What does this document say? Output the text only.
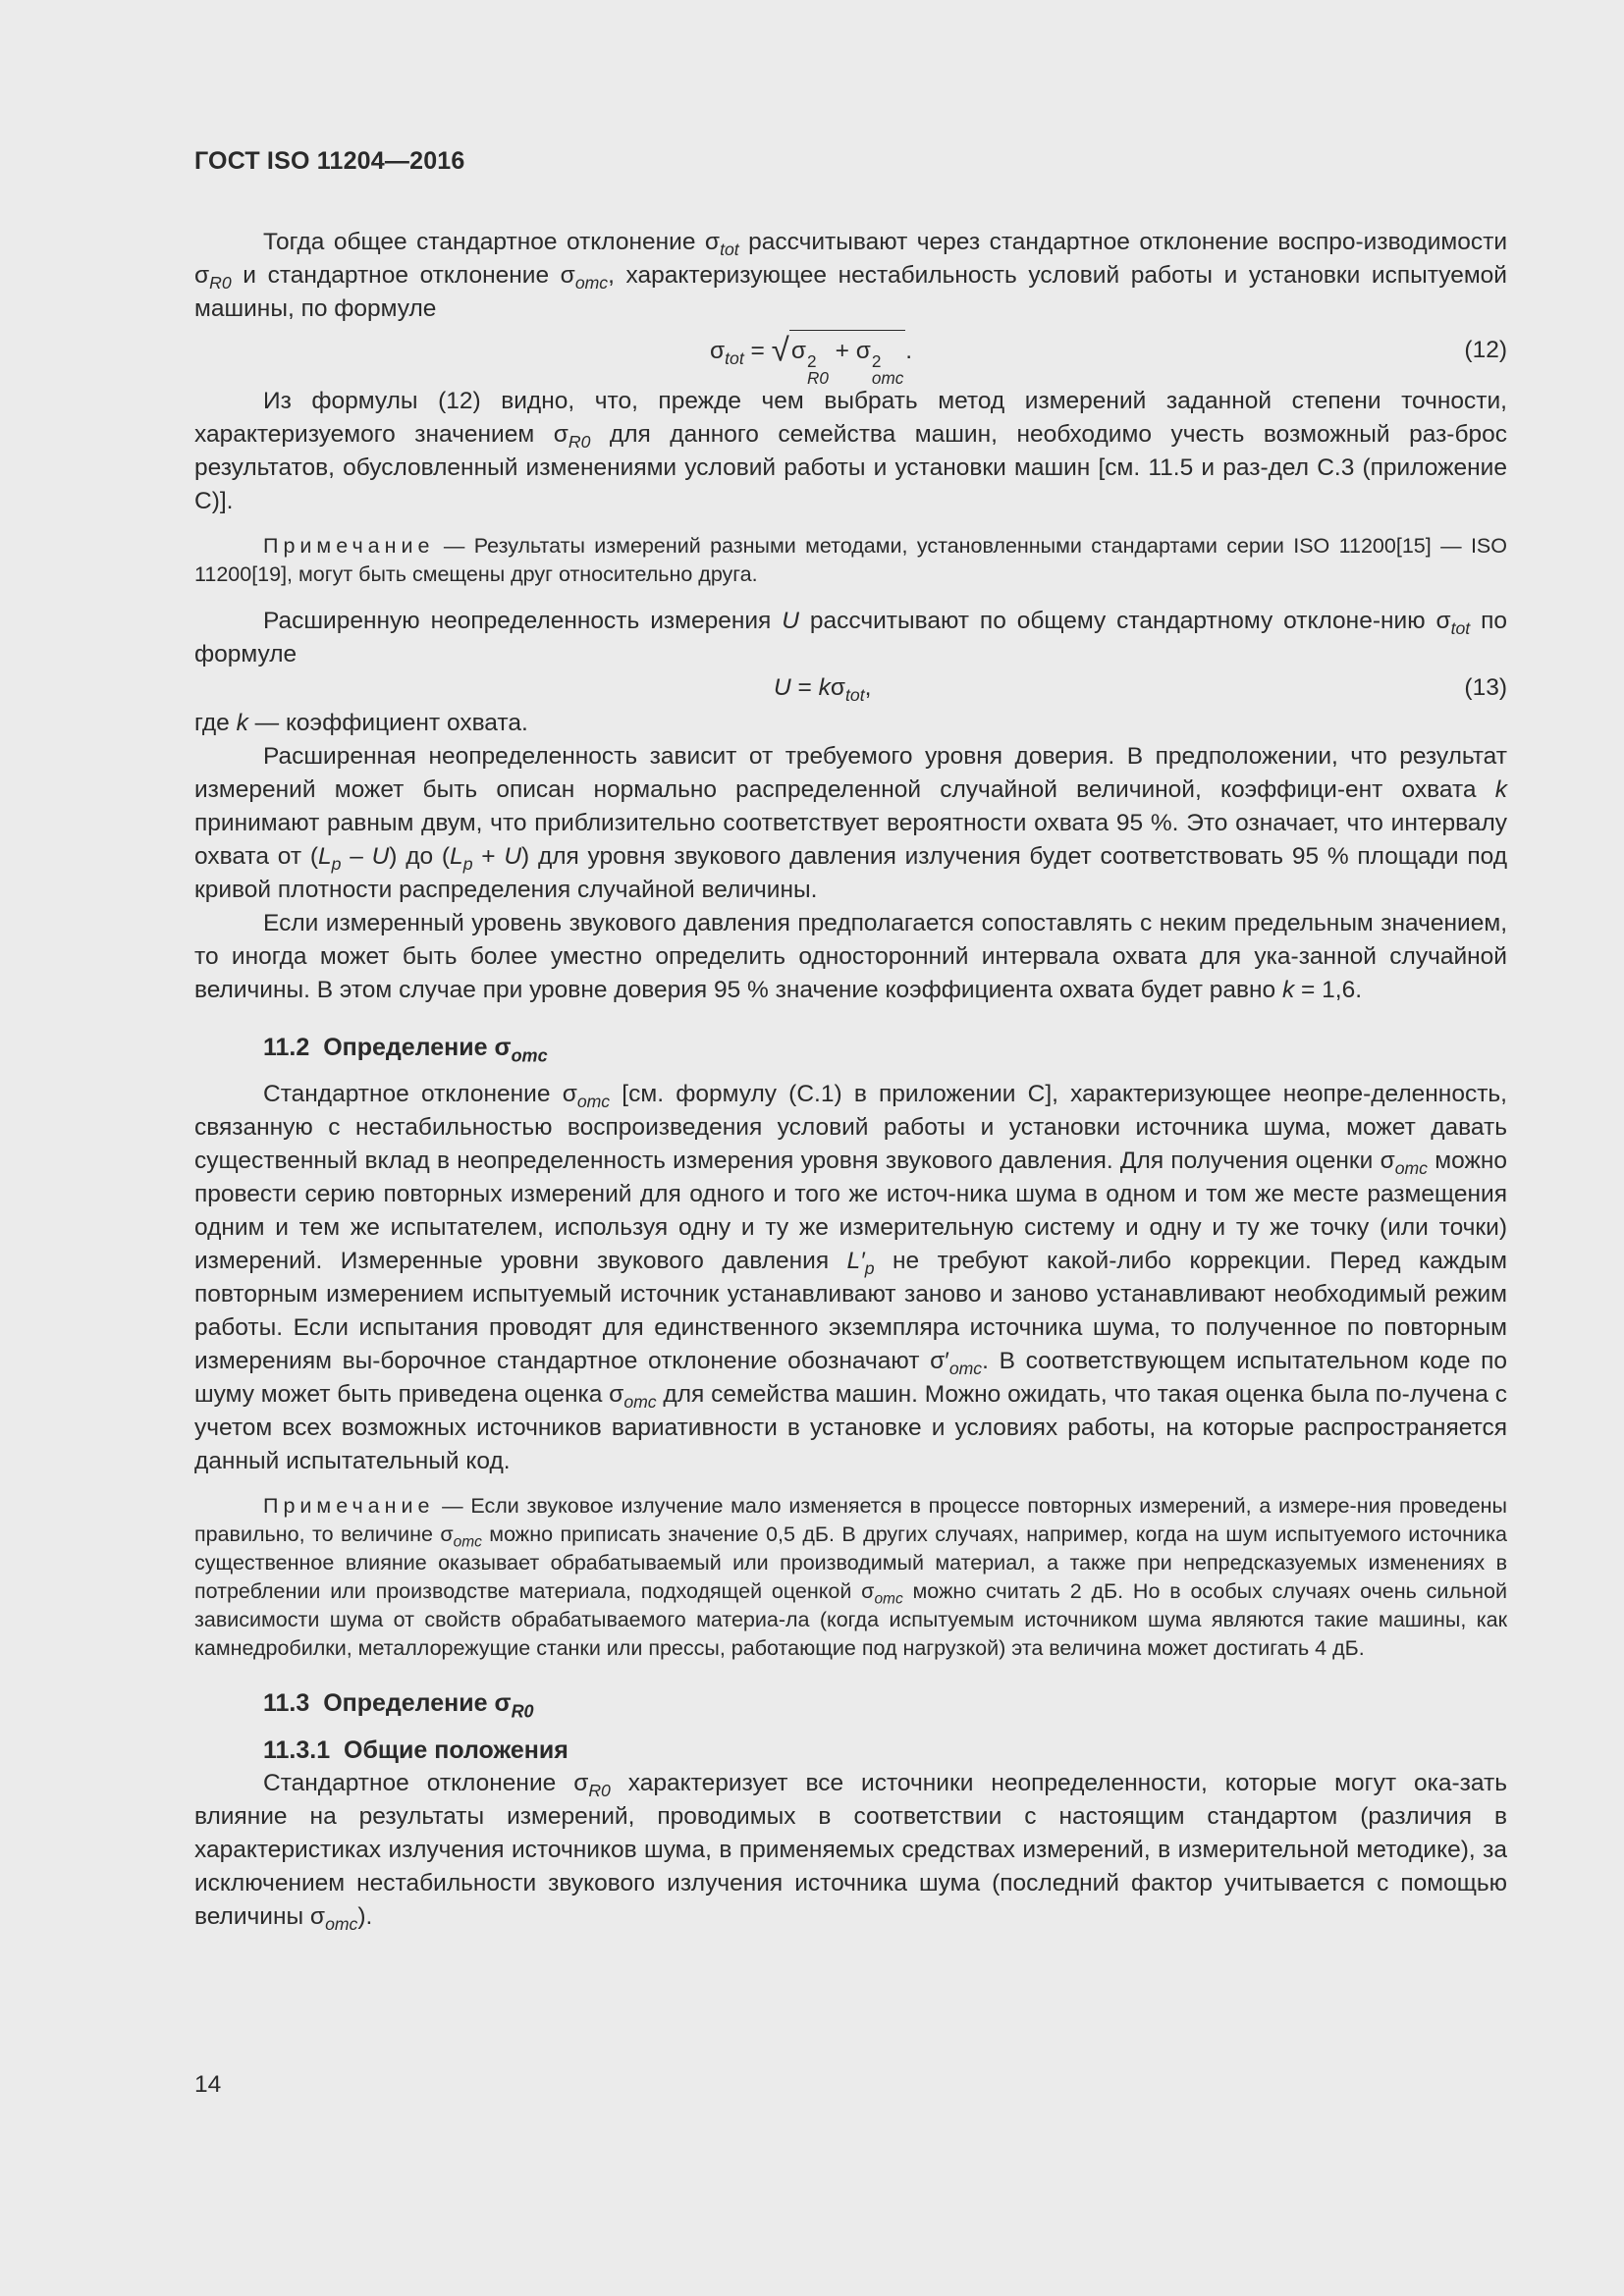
ГОСТ ISO 11204—2016

Тогда общее стандартное отклонение $\sigma_{tot}$ рассчитывают через стандартное отклонение воспро-изводимости $\sigma_{R0}$ и стандартное отклонение $\sigma_{omc}$, характеризующее нестабильность условий работы и установки испытуемой машины, по формуле

$\sigma_{tot} = √\sigma$ 2
R0
+ σ 2
omc
.	(12)

Из формулы (12) видно, что, прежде чем выбрать метод измерений заданной степени точности, характеризуемого значением $\sigma_{R0}$ для данного семейства машин, необходимо учесть возможный раз-брос результатов, обусловленный изменениями условий работы и установки машин [см. 11.5 и раз-дел С.3 (приложение С)].

Примечание — Результаты измерений разными методами, установленными стандартами серии ISO 11200[15] — ISO 11200[19], могут быть смещены друг относительно друга.

Расширенную неопределенность измерения U рассчитывают по общему стандартному отклоне-нию $\sigma_{tot}$ по формуле

$U = k\sigma_{tot}$,	(13)

где k — коэффициент охвата.

Расширенная неопределенность зависит от требуемого уровня доверия. В предположении, что результат измерений может быть описан нормально распределенной случайной величиной, коэффици-ент охвата k принимают равным двум, что приблизительно соответствует вероятности охвата 95 %. Это означает, что интервалу охвата от $(L_p - U)$ до $(L_p + U)$ для уровня звукового давления излучения будет соответствовать 95 % площади под кривой плотности распределения случайной величины.

Если измеренный уровень звукового давления предполагается сопоставлять с неким предельным значением, то иногда может быть более уместно определить односторонний интервала охвата для ука-занной случайной величины. В этом случае при уровне доверия 95 % значение коэффициента охвата будет равно k = 1,6.

11.2 Определение $\sigma_{omc}$

Стандартное отклонение $\sigma_{omc}$ [см. формулу (С.1) в приложении С], характеризующее неопре-деленность, связанную с нестабильностью воспроизведения условий работы и установки источника шума, может давать существенный вклад в неопределенность измерения уровня звукового давления. Для получения оценки $\sigma_{omc}$ можно провести серию повторных измерений для одного и того же источ-ника шума в одном и том же месте размещения одним и тем же испытателем, используя одну и ту же измерительную систему и одну и ту же точку (или точки) измерений. Измеренные уровни звукового давления $L'_p$ не требуют какой-либо коррекции. Перед каждым повторным измерением испытуемый источник устанавливают заново и заново устанавливают необходимый режим работы. Если испытания проводят для единственного экземпляра источника шума, то полученное по повторным измерениям вы-борочное стандартное отклонение обозначают $\sigma'_{omc}$. В соответствующем испытательном коде по шуму может быть приведена оценка $\sigma_{omc}$ для семейства машин. Можно ожидать, что такая оценка была по-лучена с учетом всех возможных источников вариативности в установке и условиях работы, на которые распространяется данный испытательный код.

Примечание — Если звуковое излучение мало изменяется в процессе повторных измерений, а измере-ния проведены правильно, то величине $\sigma_{omc}$ можно приписать значение 0,5 дБ. В других случаях, например, когда на шум испытуемого источника существенное влияние оказывает обрабатываемый или производимый материал, а также при непредсказуемых изменениях в потреблении или производстве материала, подходящей оценкой $\sigma_{omc}$ можно считать 2 дБ. Но в особых случаях очень сильной зависимости шума от свойств обрабатываемого материа-ла (когда испытуемым источником шума являются такие машины, как камнедробилки, металлорежущие станки или прессы, работающие под нагрузкой) эта величина может достигать 4 дБ.

11.3 Определение $\sigma_{R0}$
11.3.1 Общие положения

Стандартное отклонение $\sigma_{R0}$ характеризует все источники неопределенности, которые могут ока-зать влияние на результаты измерений, проводимых в соответствии с настоящим стандартом (различия в характеристиках излучения источников шума, в применяемых средствах измерений, в измерительной методике), за исключением нестабильности звукового излучения источника шума (последний фактор учитывается с помощью величины $\sigma_{omc}$).

14
